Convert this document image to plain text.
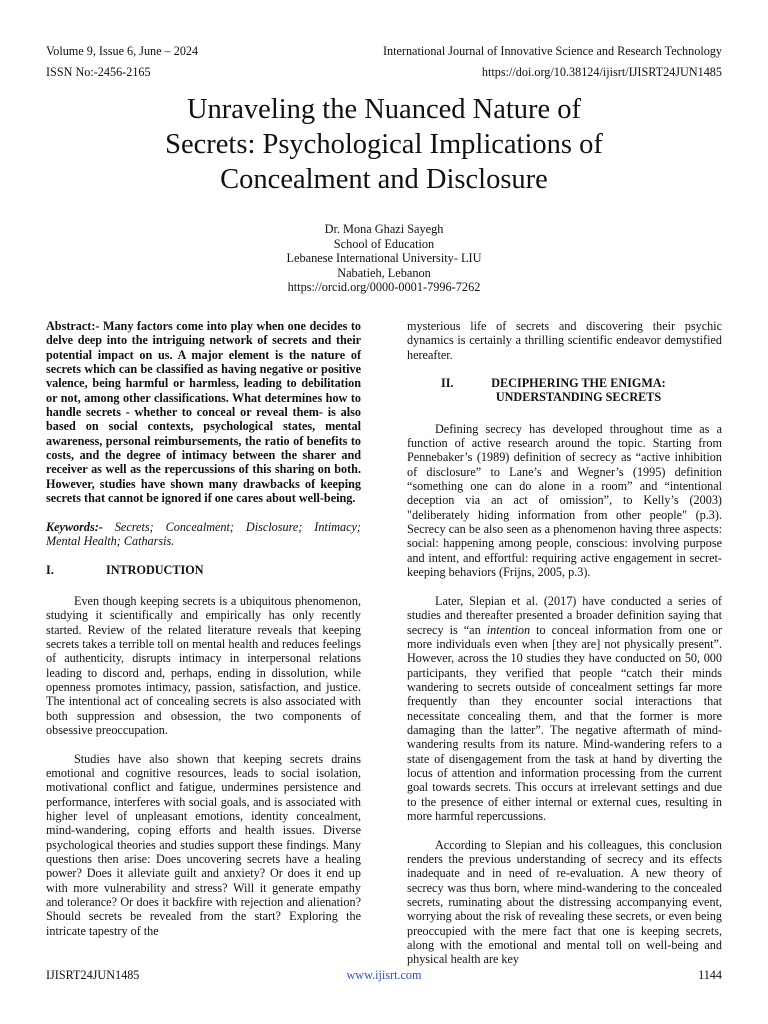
Volume 9, Issue 6, June – 2024	International Journal of Innovative Science and Research Technology
ISSN No:-2456-2165	https://doi.org/10.38124/ijisrt/IJISRT24JUN1485
Unraveling the Nuanced Nature of
Secrets: Psychological Implications of
Concealment and Disclosure
Dr. Mona Ghazi Sayegh
School of Education
Lebanese International University- LIU
Nabatieh, Lebanon
https://orcid.org/0000-0001-7996-7262

Abstract:- Many factors come into play when one decides to delve deep into the intriguing network of secrets and their potential impact on us. A major element is the nature of secrets which can be classified as having negative or positive valence, being harmful or harmless, leading to debilitation or not, among other classifications. What determines how to handle secrets - whether to conceal or reveal them- is also based on social contexts, psychological states, mental awareness, personal reimbursements, the ratio of benefits to costs, and the degree of intimacy between the sharer and receiver as well as the repercussions of this sharing on both. However, studies have shown many drawbacks of keeping secrets that cannot be ignored if one cares about well-being.

Keywords:- Secrets; Concealment; Disclosure; Intimacy; Mental Health; Catharsis.

I.	INTRODUCTION

Even though keeping secrets is a ubiquitous phenomenon, studying it scientifically and empirically has only recently started. Review of the related literature reveals that keeping secrets takes a terrible toll on mental health and reduces feelings of authenticity, disrupts intimacy in interpersonal relations leading to discord and, perhaps, ending in dissolution, while openness promotes intimacy, passion, satisfaction, and justice. The intentional act of concealing secrets is also associated with both suppression and obsession, the two components of obsessive preoccupation.

Studies have also shown that keeping secrets drains emotional and cognitive resources, leads to social isolation, motivational conflict and fatigue, undermines persistence and performance, interferes with social goals, and is associated with higher level of unpleasant emotions, identity concealment, mind-wandering, coping efforts and health issues. Diverse psychological theories and studies support these findings. Many questions then arise: Does uncovering secrets have a healing power? Does it alleviate guilt and anxiety? Or does it end up with more vulnerability and stress? Will it generate empathy and tolerance? Or does it backfire with rejection and alienation? Should secrets be revealed from the start? Exploring the intricate tapestry of the

mysterious life of secrets and discovering their psychic dynamics is certainly a thrilling scientific endeavor demystified hereafter.

II.	DECIPHERING THE ENIGMA:
UNDERSTANDING SECRETS

Defining secrecy has developed throughout time as a function of active research around the topic. Starting from Pennebaker’s (1989) definition of secrecy as “active inhibition of disclosure” to Lane’s and Wegner’s (1995) definition “something one can do alone in a room” and “intentional deception via an act of omission”, to Kelly’s (2003) "deliberately hiding information from other people" (p.3). Secrecy can be also seen as a phenomenon having three aspects: social: happening among people, conscious: involving purpose and intent, and effortful: requiring active engagement in secret-keeping behaviors (Frijns, 2005, p.3).

Later, Slepian et al. (2017) have conducted a series of studies and thereafter presented a broader definition saying that secrecy is “an intention to conceal information from one or more individuals even when [they are] not physically present”. However, across the 10 studies they have conducted on 50, 000 participants, they verified that people “catch their minds wandering to secrets outside of concealment settings far more frequently than they encounter social interactions that necessitate concealing them, and that the former is more damaging than the latter”. The negative aftermath of mind-wandering results from its nature. Mind-wandering refers to a state of disengagement from the task at hand by diverting the locus of attention and information processing from the current goal towards secrets. This occurs at irrelevant settings and due to the presence of either internal or external cues, resulting in more harmful repercussions.

According to Slepian and his colleagues, this conclusion renders the previous understanding of secrecy and its effects inadequate and in need of re-evaluation. A new theory of secrecy was thus born, where mind-wandering to the concealed secrets, ruminating about the distressing accompanying event, worrying about the risk of revealing these secrets, or even being preoccupied with the mere fact that one is keeping secrets, along with the emotional and mental toll on well-being and physical health are key

IJISRT24JUN1485	www.ijisrt.com	1144
